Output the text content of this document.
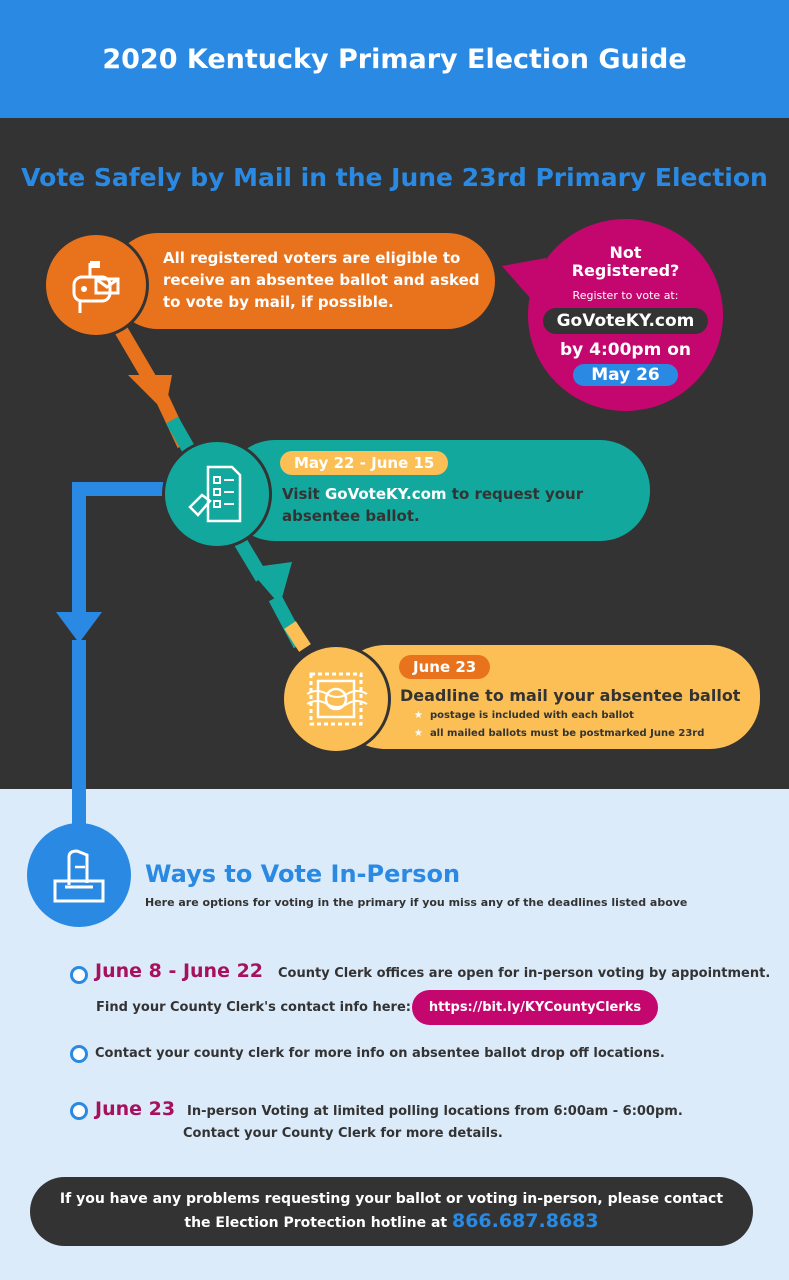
2020 Kentucky Primary Election Guide
Vote Safely by Mail in the June 23rd Primary Election
All registered voters are eligible to receive an absentee ballot and asked to vote by mail, if possible.
Not Registered?
Register to vote at:
GoVoteKY.com
by 4:00pm on
May 26
May 22 - June 15
Visit GoVoteKY.com to request your absentee ballot.
June 23
Deadline to mail your absentee ballot
★ postage is included with each ballot
★ all mailed ballots must be postmarked June 23rd
Ways to Vote In-Person
Here are options for voting in the primary if you miss any of the deadlines listed above
June 8 - June 22 County Clerk offices are open for in-person voting by appointment.
Find your County Clerk's contact info here:	https://bit.ly/KYCountyClerks
Contact your county clerk for more info on absentee ballot drop off locations.
June 23 In-person Voting at limited polling locations from 6:00am - 6:00pm.
Contact your County Clerk for more details.
If you have any problems requesting your ballot or voting in-person, please contact
the Election Protection hotline at 866.687.8683
